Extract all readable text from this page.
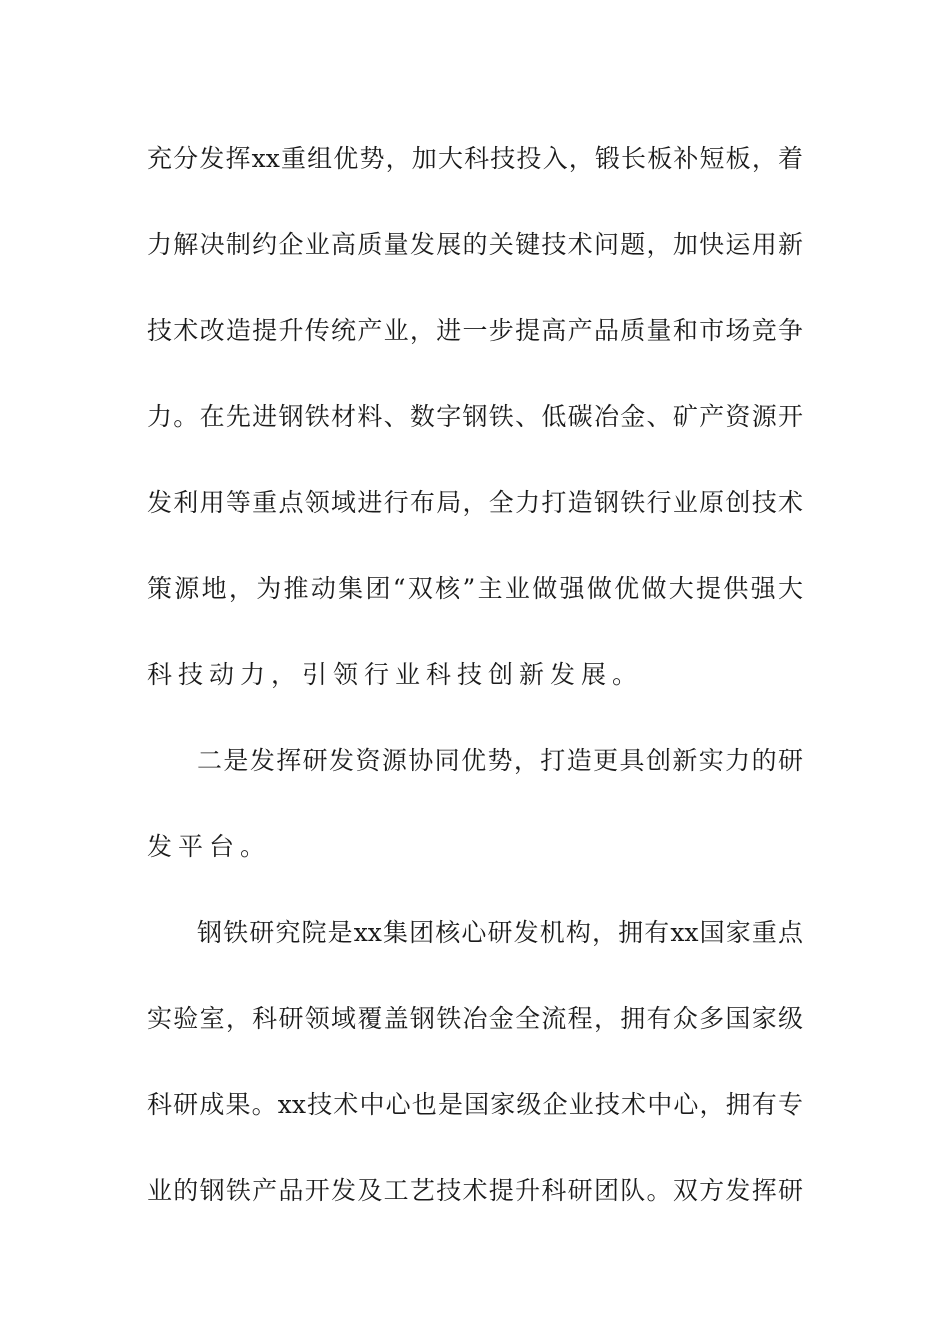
充分发挥xx重组优势，加大科技投入，锻长板补短板，着
力解决制约企业高质量发展的关键技术问题，加快运用新
技术改造提升传统产业，进一步提高产品质量和市场竞争
力。在先进钢铁材料、数字钢铁、低碳冶金、矿产资源开
发利用等重点领域进行布局，全力打造钢铁行业原创技术
策源地，为推动集团“双核”主业做强做优做大提供强大
科技动力，引领行业科技创新发展。
二是发挥研发资源协同优势，打造更具创新实力的研
发平台。
钢铁研究院是xx集团核心研发机构，拥有xx国家重点
实验室，科研领域覆盖钢铁冶金全流程，拥有众多国家级
科研成果。xx技术中心也是国家级企业技术中心，拥有专
业的钢铁产品开发及工艺技术提升科研团队。双方发挥研
